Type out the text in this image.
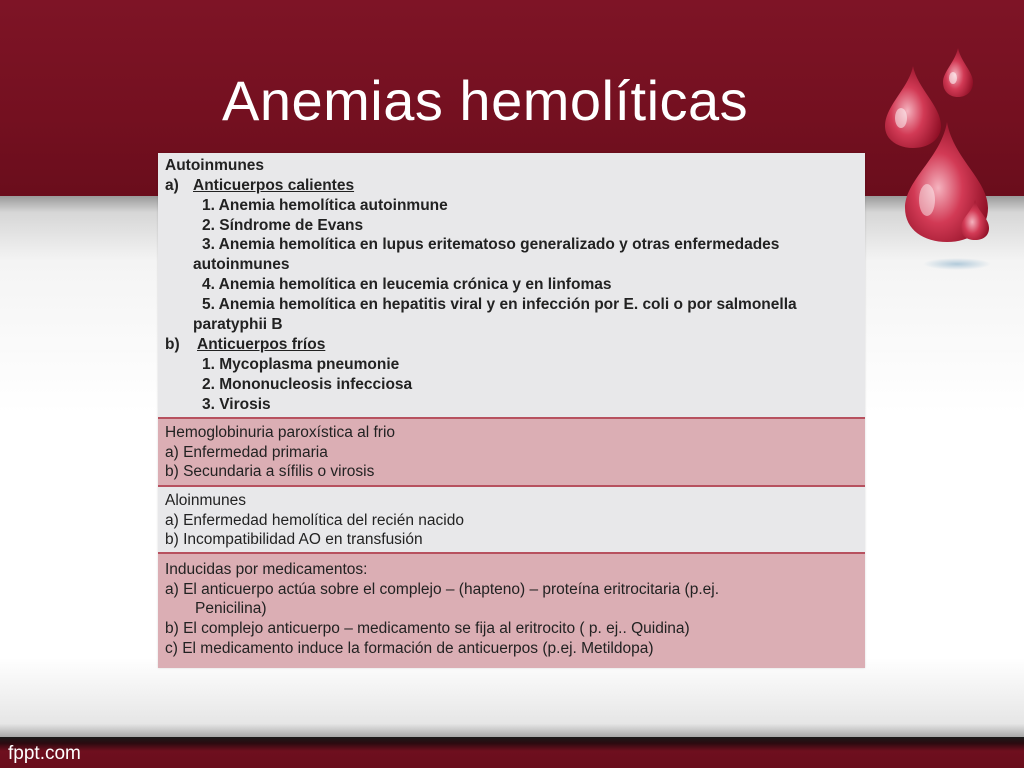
Anemias hemolíticas
Autoinmunes
a) Anticuerpos calientes
1. Anemia hemolítica autoinmune
2. Síndrome de Evans
3. Anemia hemolítica en lupus eritematoso generalizado y otras enfermedades
autoinmunes
4. Anemia hemolítica en leucemia crónica y en linfomas
5. Anemia hemolítica en hepatitis viral y en infección por E. coli o por salmonella
paratyphii B
b) Anticuerpos fríos
1. Mycoplasma pneumonie
2. Mononucleosis infecciosa
3. Virosis
Hemoglobinuria paroxística al frio
a) Enfermedad primaria
b) Secundaria a sífilis o virosis
Aloinmunes
a) Enfermedad hemolítica del recién nacido
b) Incompatibilidad AO en transfusión
Inducidas por medicamentos:
a) El anticuerpo actúa sobre el complejo – (hapteno) – proteína eritrocitaria (p.ej.
Penicilina)
b) El complejo anticuerpo – medicamento se fija al eritrocito ( p. ej.. Quidina)
c) El medicamento induce la formación de anticuerpos (p.ej. Metildopa)
fppt.com
